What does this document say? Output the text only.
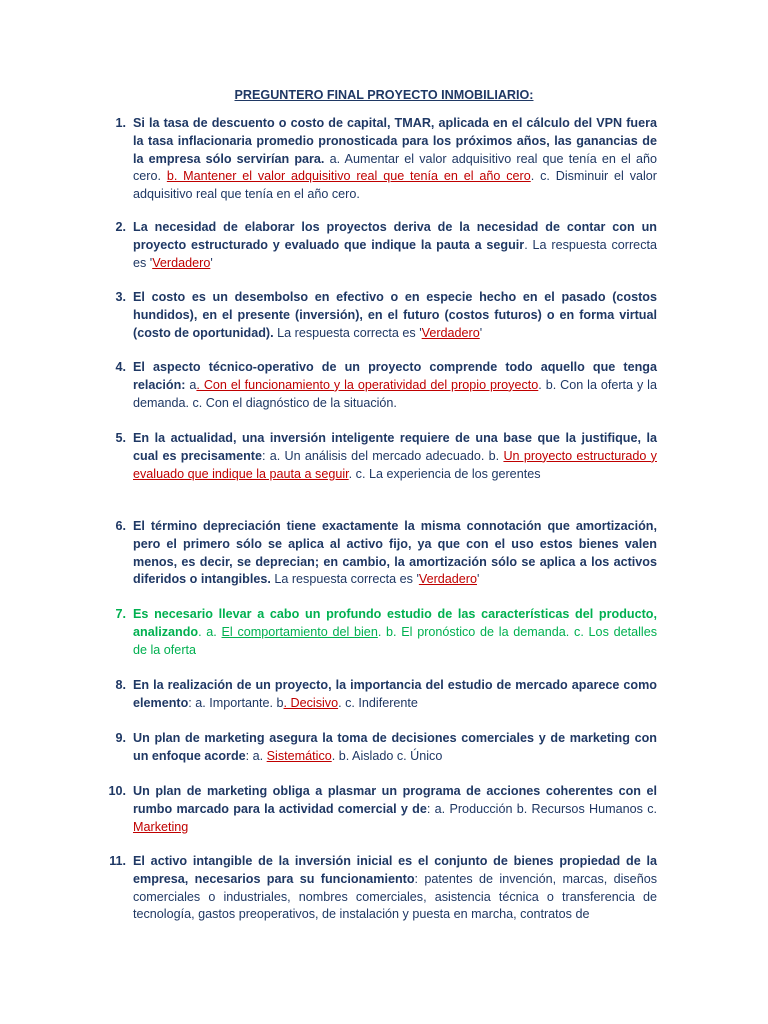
PREGUNTERO FINAL PROYECTO INMOBILIARIO:

1. Si la tasa de descuento o costo de capital, TMAR, aplicada en el cálculo del VPN fuera la tasa inflacionaria promedio pronosticada para los próximos años, las ganancias de la empresa sólo servirían para. a. Aumentar el valor adquisitivo real que tenía en el año cero. b. Mantener el valor adquisitivo real que tenía en el año cero. c. Disminuir el valor adquisitivo real que tenía en el año cero.

2. La necesidad de elaborar los proyectos deriva de la necesidad de contar con un proyecto estructurado y evaluado que indique la pauta a seguir. La respuesta correcta es 'Verdadero'

3. El costo es un desembolso en efectivo o en especie hecho en el pasado (costos hundidos), en el presente (inversión), en el futuro (costos futuros) o en forma virtual (costo de oportunidad). La respuesta correcta es 'Verdadero'

4. El aspecto técnico-operativo de un proyecto comprende todo aquello que tenga relación: a. Con el funcionamiento y la operatividad del propio proyecto. b. Con la oferta y la demanda. c. Con el diagnóstico de la situación.

5. En la actualidad, una inversión inteligente requiere de una base que la justifique, la cual es precisamente: a. Un análisis del mercado adecuado. b. Un proyecto estructurado y evaluado que indique la pauta a seguir. c. La experiencia de los gerentes

6. El término depreciación tiene exactamente la misma connotación que amortización, pero el primero sólo se aplica al activo fijo, ya que con el uso estos bienes valen menos, es decir, se deprecian; en cambio, la amortización sólo se aplica a los activos diferidos o intangibles. La respuesta correcta es 'Verdadero'

7. Es necesario llevar a cabo un profundo estudio de las características del producto, analizando. a. El comportamiento del bien. b. El pronóstico de la demanda. c. Los detalles de la oferta

8. En la realización de un proyecto, la importancia del estudio de mercado aparece como elemento: a. Importante. b. Decisivo. c. Indiferente

9. Un plan de marketing asegura la toma de decisiones comerciales y de marketing con un enfoque acorde: a. Sistemático. b. Aislado c. Único

10. Un plan de marketing obliga a plasmar un programa de acciones coherentes con el rumbo marcado para la actividad comercial y de: a. Producción b. Recursos Humanos c. Marketing

11. El activo intangible de la inversión inicial es el conjunto de bienes propiedad de la empresa, necesarios para su funcionamiento: patentes de invención, marcas, diseños comerciales o industriales, nombres comerciales, asistencia técnica o transferencia de tecnología, gastos preoperativos, de instalación y puesta en marcha, contratos de
